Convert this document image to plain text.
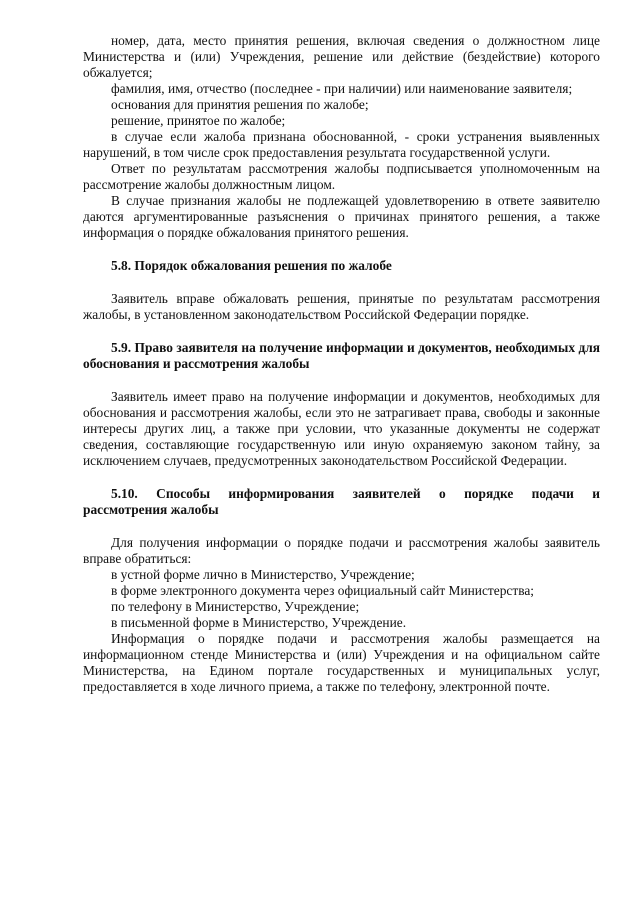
номер, дата, место принятия решения, включая сведения о должностном лице Министерства и (или) Учреждения, решение или действие (бездействие) которого обжалуется;

фамилия, имя, отчество (последнее - при наличии) или наименование заявителя;

основания для принятия решения по жалобе;

решение, принятое по жалобе;

в случае если жалоба признана обоснованной, - сроки устранения выявленных нарушений, в том числе срок предоставления результата государственной услуги.

Ответ по результатам рассмотрения жалобы подписывается уполномоченным на рассмотрение жалобы должностным лицом.

В случае признания жалобы не подлежащей удовлетворению в ответе заявителю даются аргументированные разъяснения о причинах принятого решения, а также информация о порядке обжалования принятого решения.

5.8. Порядок обжалования решения по жалобе

Заявитель вправе обжаловать решения, принятые по результатам рассмотрения жалобы, в установленном законодательством Российской Федерации порядке.

5.9. Право заявителя на получение информации и документов, необходимых для обоснования и рассмотрения жалобы

Заявитель имеет право на получение информации и документов, необходимых для обоснования и рассмотрения жалобы, если это не затрагивает права, свободы и законные интересы других лиц, а также при условии, что указанные документы не содержат сведения, составляющие государственную или иную охраняемую законом тайну, за исключением случаев, предусмотренных законодательством Российской Федерации.

5.10. Способы информирования заявителей о порядке подачи и

рассмотрения жалобы

Для получения информации о порядке подачи и рассмотрения жалобы заявитель вправе обратиться:

в устной форме лично в Министерство, Учреждение;

в форме электронного документа через официальный сайт Министерства;

по телефону в Министерство, Учреждение;

в письменной форме в Министерство, Учреждение.

Информация о порядке подачи и рассмотрения жалобы размещается на информационном стенде Министерства и (или) Учреждения и на официальном сайте Министерства, на Едином портале государственных и муниципальных услуг, предоставляется в ходе личного приема, а также по телефону, электронной почте.
